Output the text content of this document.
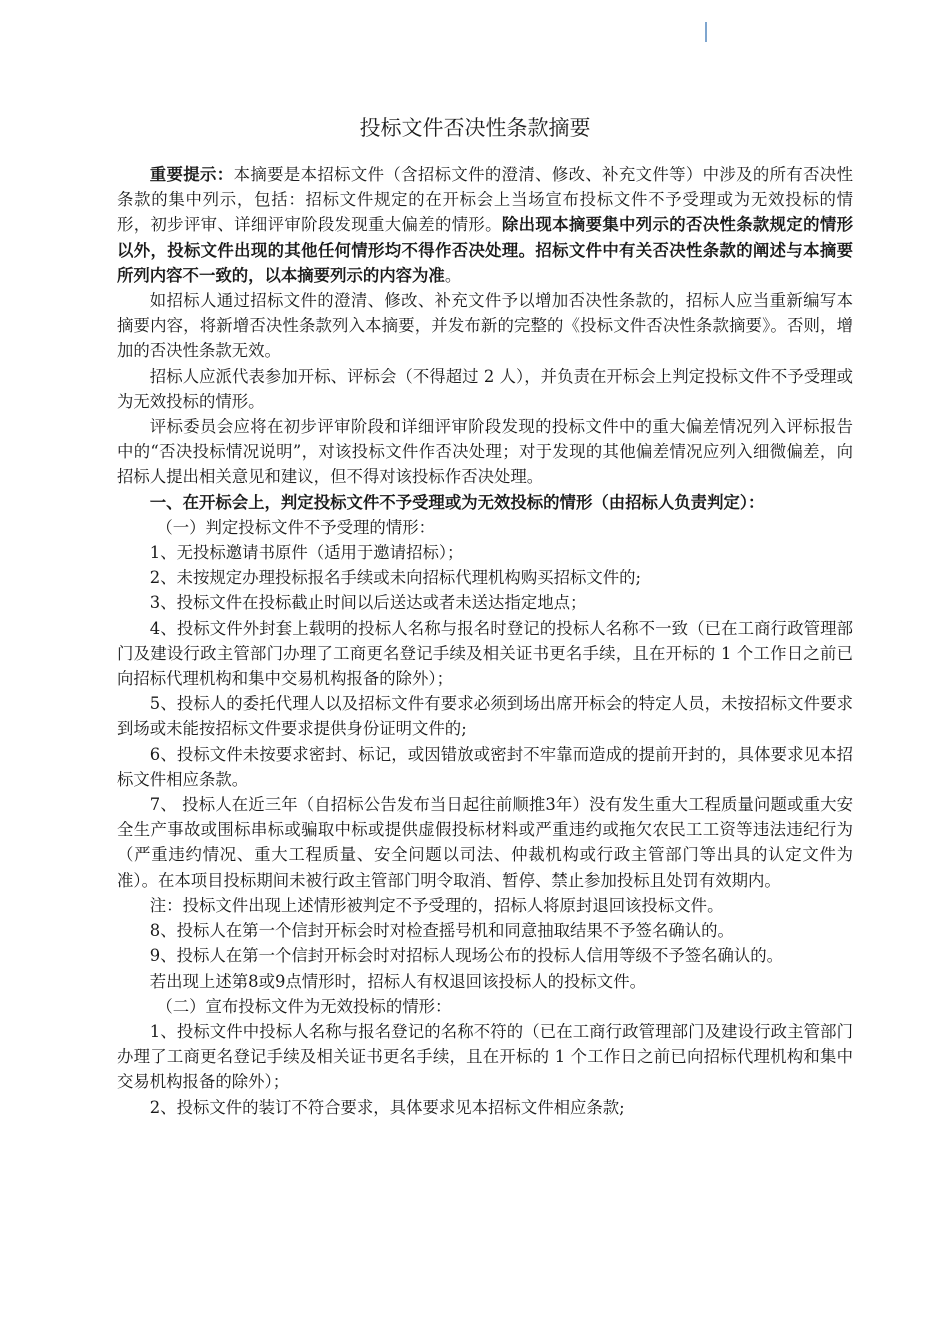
投标文件否决性条款摘要

重要提示：本摘要是本招标文件（含招标文件的澄清、修改、补充文件等）中涉及的所有否决性条款的集中列示，包括：招标文件规定的在开标会上当场宣布投标文件不予受理或为无效投标的情形，初步评审、详细评审阶段发现重大偏差的情形。除出现本摘要集中列示的否决性条款规定的情形以外，投标文件出现的其他任何情形均不得作否决处理。招标文件中有关否决性条款的阐述与本摘要所列内容不一致的，以本摘要列示的内容为准。

如招标人通过招标文件的澄清、修改、补充文件予以增加否决性条款的，招标人应当重新编写本摘要内容，将新增否决性条款列入本摘要，并发布新的完整的《投标文件否决性条款摘要》。否则，增加的否决性条款无效。

招标人应派代表参加开标、评标会（不得超过 2 人），并负责在开标会上判定投标文件不予受理或为无效投标的情形。

评标委员会应将在初步评审阶段和详细评审阶段发现的投标文件中的重大偏差情况列入评标报告中的“否决投标情况说明”，对该投标文件作否决处理；对于发现的其他偏差情况应列入细微偏差，向招标人提出相关意见和建议，但不得对该投标作否决处理。

一、在开标会上，判定投标文件不予受理或为无效投标的情形（由招标人负责判定）：

（一）判定投标文件不予受理的情形：

1、无投标邀请书原件（适用于邀请招标）；

2、未按规定办理投标报名手续或未向招标代理机构购买招标文件的;

3、投标文件在投标截止时间以后送达或者未送达指定地点；

4、投标文件外封套上载明的投标人名称与报名时登记的投标人名称不一致（已在工商行政管理部门及建设行政主管部门办理了工商更名登记手续及相关证书更名手续，且在开标的 1 个工作日之前已向招标代理机构和集中交易机构报备的除外）；

5、投标人的委托代理人以及招标文件有要求必须到场出席开标会的特定人员，未按招标文件要求到场或未能按招标文件要求提供身份证明文件的;

6、投标文件未按要求密封、标记，或因错放或密封不牢靠而造成的提前开封的，具体要求见本招标文件相应条款。

7、 投标人在近三年（自招标公告发布当日起往前顺推3年）没有发生重大工程质量问题或重大安全生产事故或围标串标或骗取中标或提供虚假投标材料或严重违约或拖欠农民工工资等违法违纪行为（严重违约情况、重大工程质量、安全问题以司法、仲裁机构或行政主管部门等出具的认定文件为准）。在本项目投标期间未被行政主管部门明令取消、暂停、禁止参加投标且处罚有效期内。

注：投标文件出现上述情形被判定不予受理的，招标人将原封退回该投标文件。

8、投标人在第一个信封开标会时对检查摇号机和同意抽取结果不予签名确认的。

9、投标人在第一个信封开标会时对招标人现场公布的投标人信用等级不予签名确认的。

若出现上述第8或9点情形时，招标人有权退回该投标人的投标文件。

（二）宣布投标文件为无效投标的情形：

1、投标文件中投标人名称与报名登记的名称不符的（已在工商行政管理部门及建设行政主管部门办理了工商更名登记手续及相关证书更名手续，且在开标的 1 个工作日之前已向招标代理机构和集中交易机构报备的除外）；

2、投标文件的装订不符合要求，具体要求见本招标文件相应条款;
